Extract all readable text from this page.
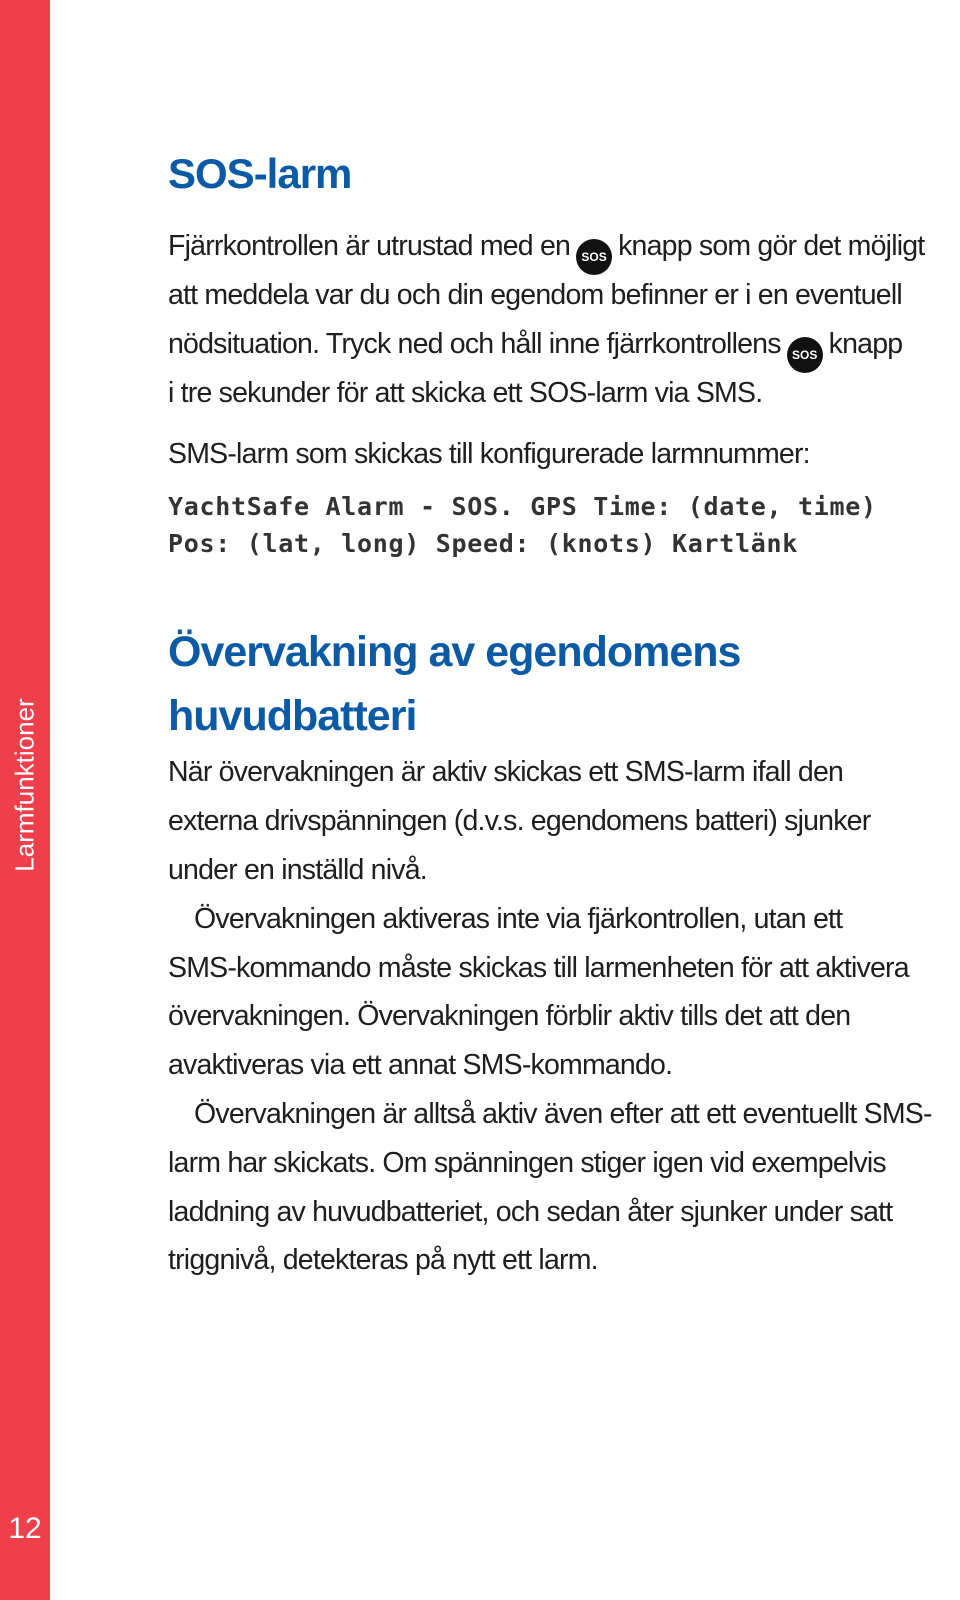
Larmfunktioner
12
SOS-larm
Fjärrkontrollen är utrustad med en SOS knapp som gör det möjligt
att meddela var du och din egendom befinner er i en eventuell
nödsituation. Tryck ned och håll inne fjärrkontrollens SOS knapp
i tre sekunder för att skicka ett SOS-larm via SMS.
SMS-larm som skickas till konfigurerade larmnummer:
YachtSafe Alarm - SOS. GPS Time: (date, time)
Pos: (lat, long) Speed: (knots) Kartlänk
Övervakning av egendomens
huvudbatteri
När övervakningen är aktiv skickas ett SMS-larm ifall den
externa drivspänningen (d.v.s. egendomens batteri) sjunker
under en inställd nivå.
Övervakningen aktiveras inte via fjärkontrollen, utan ett
SMS-kommando måste skickas till larmenheten för att aktivera
övervakningen. Övervakningen förblir aktiv tills det att den
avaktiveras via ett annat SMS-kommando.
Övervakningen är alltså aktiv även efter att ett eventuellt SMS-
larm har skickats. Om spänningen stiger igen vid exempelvis
laddning av huvudbatteriet, och sedan åter sjunker under satt
triggnivå, detekteras på nytt ett larm.
